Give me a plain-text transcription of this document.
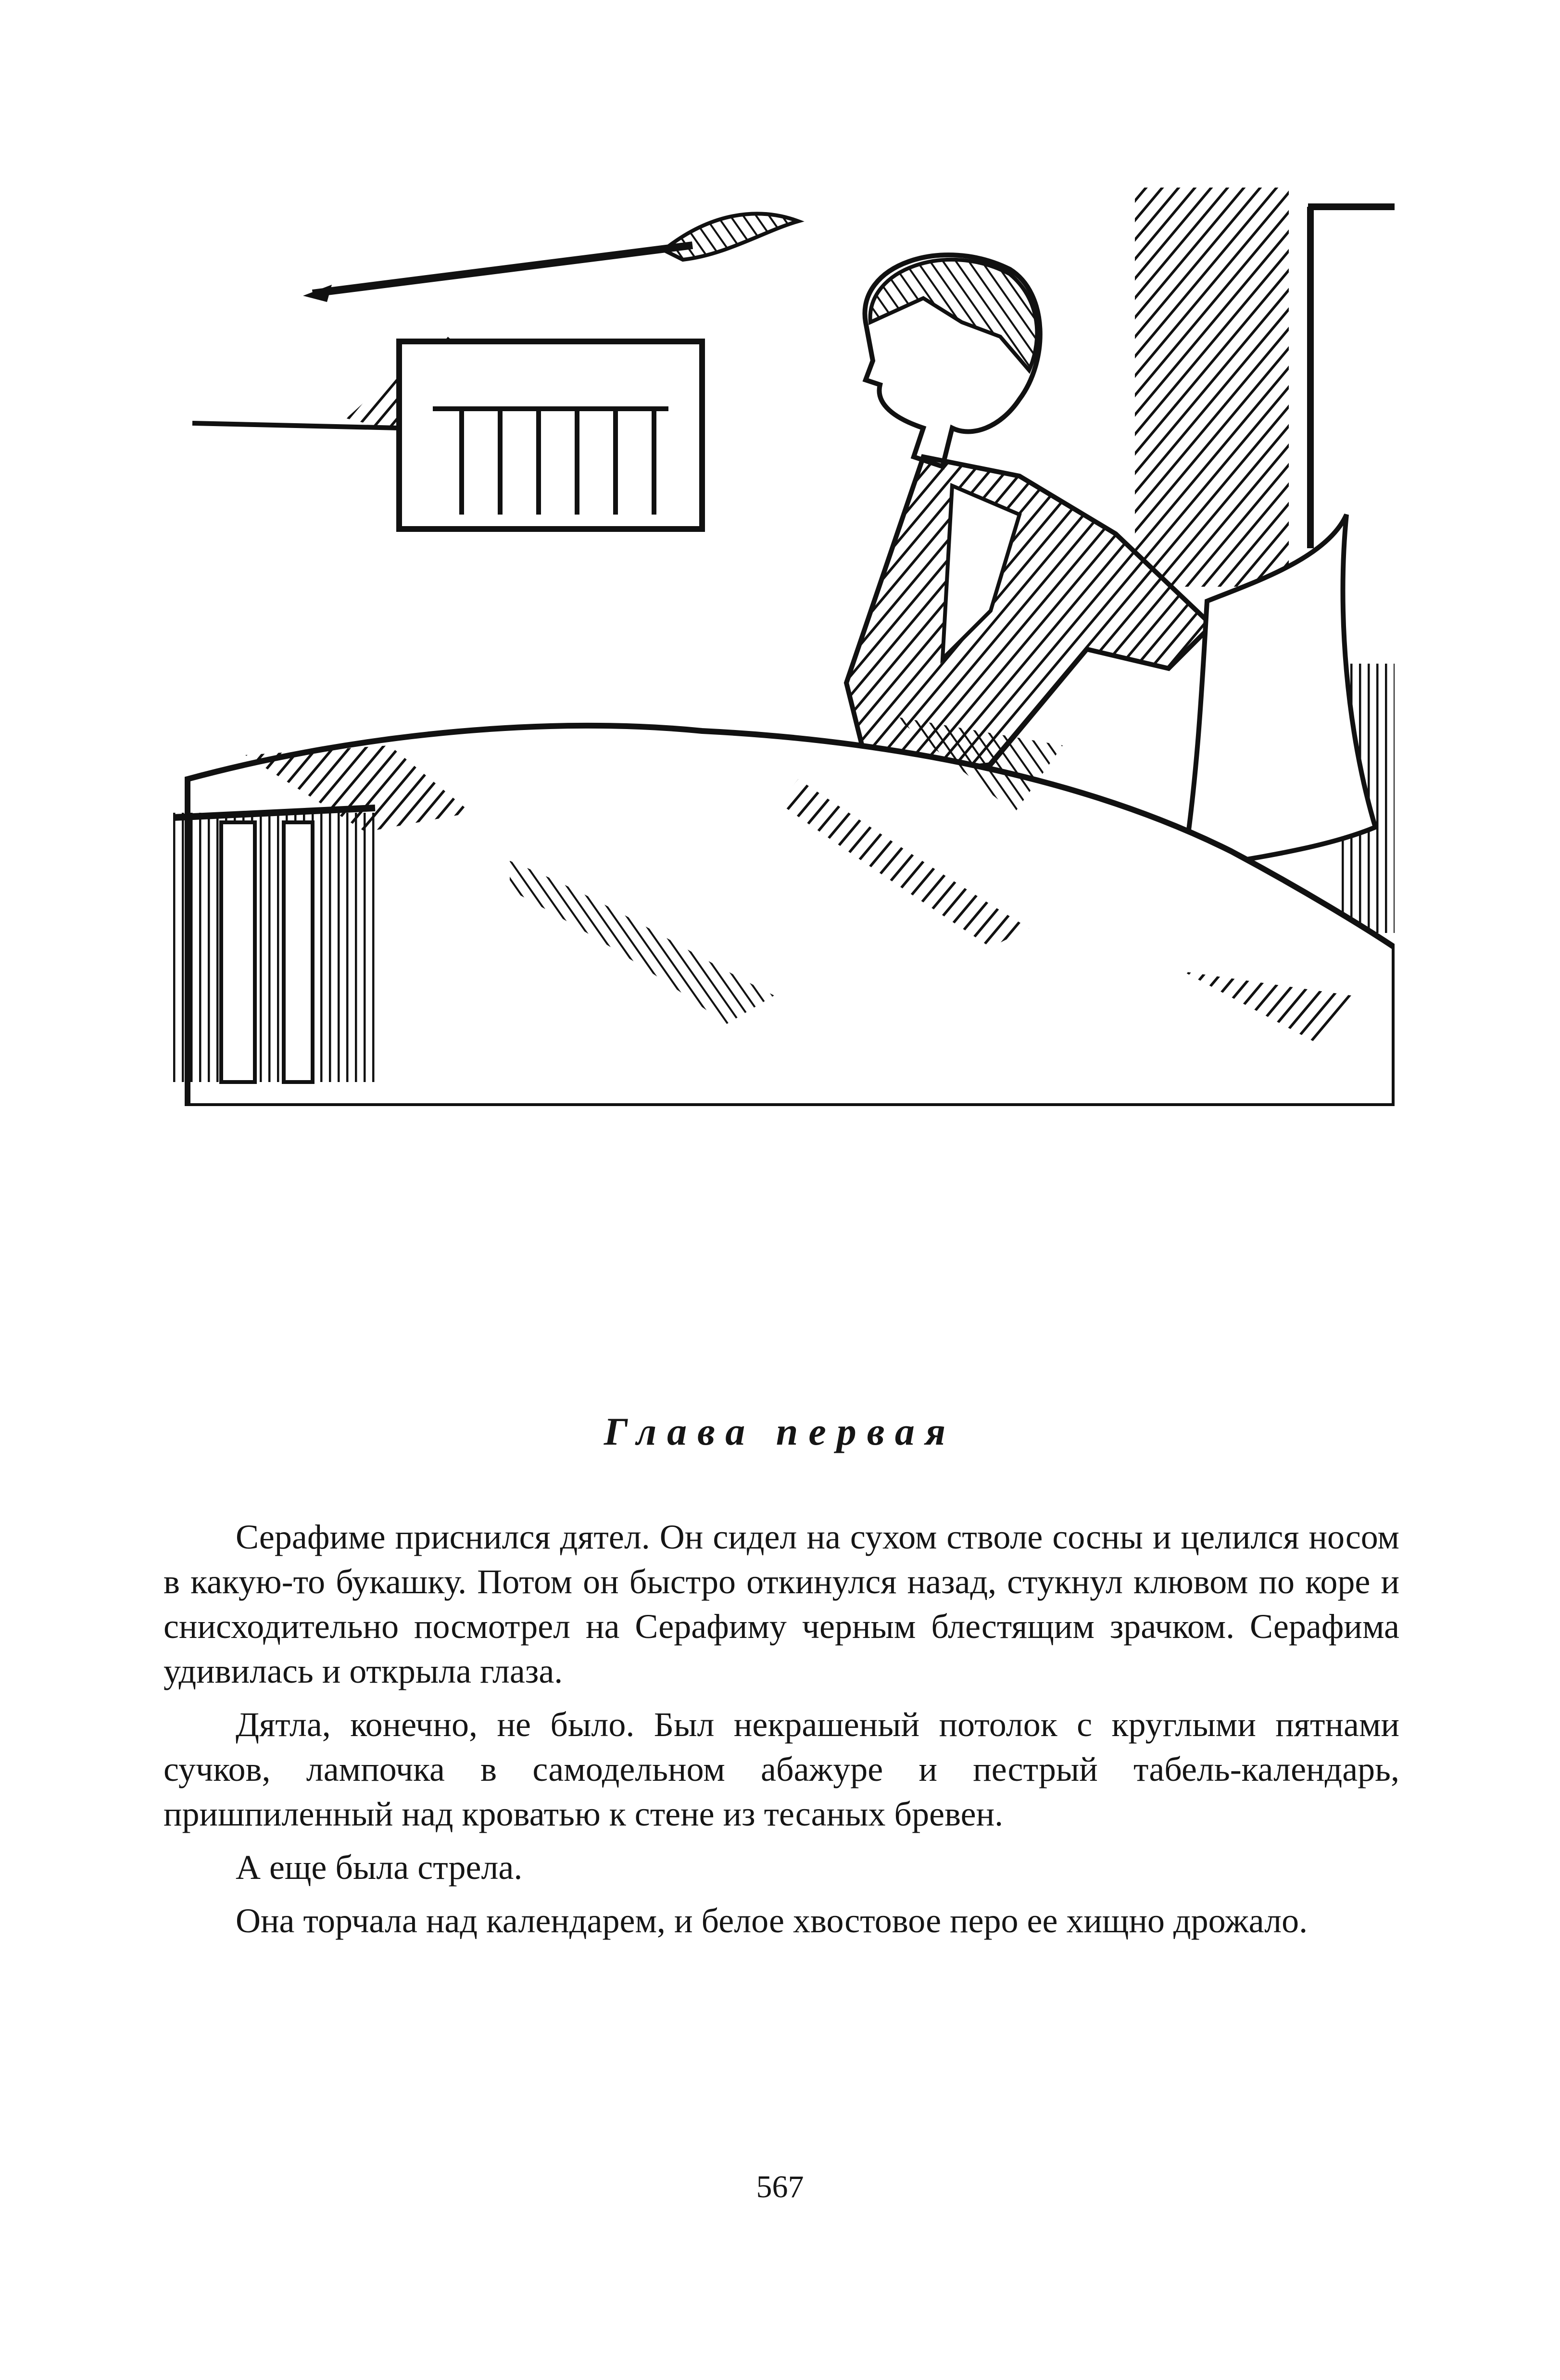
Глава первая

Серафиме приснился дятел. Он сидел на сухом стволе сосны и целился носом в какую-то букашку. Потом он быстро откинулся назад, стукнул клювом по коре и снисходительно посмотрел на Серафиму черным блестящим зрачком. Серафима удивилась и открыла глаза.

Дятла, конечно, не было. Был некрашеный потолок с круглыми пятнами сучков, лампочка в самодельном абажуре и пестрый табель-календарь, пришпиленный над кроватью к стене из тесаных бревен.

А еще была стрела.

Она торчала над календарем, и белое хвостовое перо ее хищно дрожало.

567
